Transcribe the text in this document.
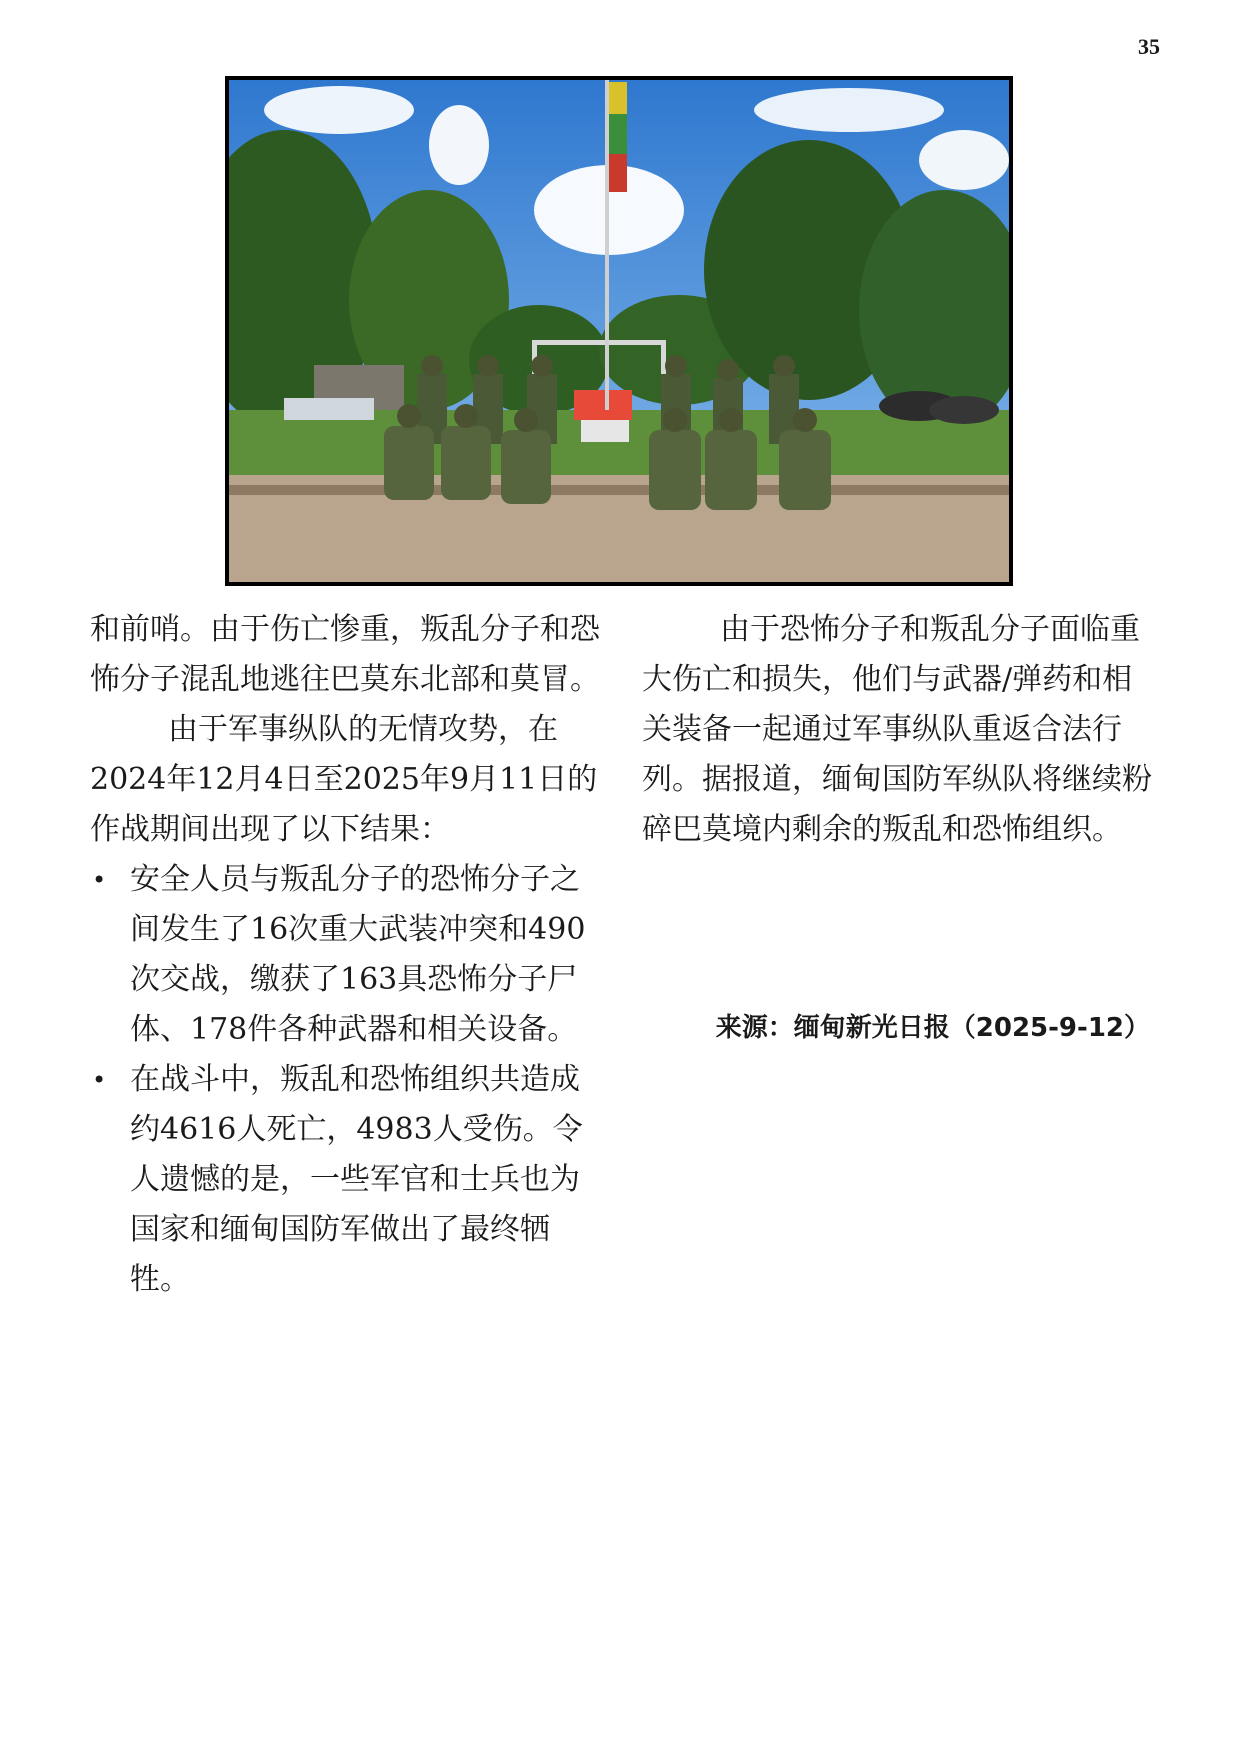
35

和前哨。由于伤亡惨重，叛乱分子和恐怖分子混乱地逃往巴莫东北部和莫冒。

由于军事纵队的无情攻势，在2024年12月4日至2025年9月11日的作战期间出现了以下结果：

• 安全人员与叛乱分子的恐怖分子之间发生了16次重大武装冲突和490次交战，缴获了163具恐怖分子尸体、178件各种武器和相关设备。
• 在战斗中，叛乱和恐怖组织共造成约4616人死亡，4983人受伤。令人遗憾的是，一些军官和士兵也为国家和缅甸国防军做出了最终牺牲。

由于恐怖分子和叛乱分子面临重大伤亡和损失，他们与武器/弹药和相关装备一起通过军事纵队重返合法行列。据报道，缅甸国防军纵队将继续粉碎巴莫境内剩余的叛乱和恐怖组织。

来源：缅甸新光日报（2025-9-12）
